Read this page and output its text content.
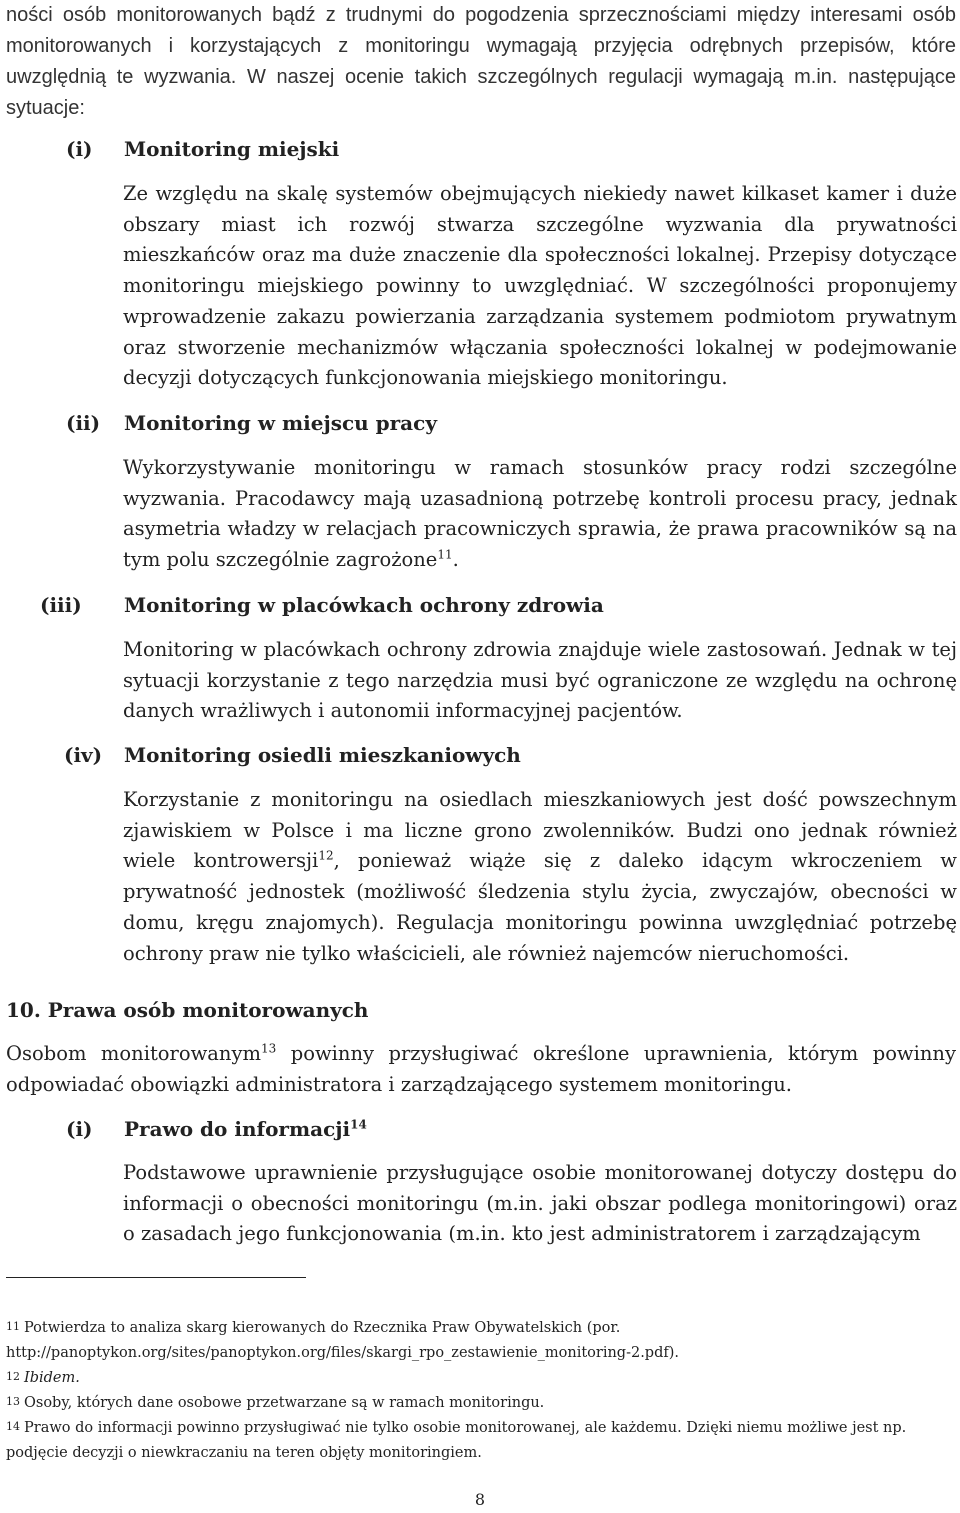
ności osób monitorowanych bądź z trudnymi do pogodzenia sprzecznościami między interesami osób monitorowanych i korzystających z monitoringu wymagają przyjęcia odrębnych przepisów, które uwzględnią te wyzwania. W naszej ocenie takich szczególnych regulacji wymagają m.in. następujące sytuacje:

(i) Monitoring miejski

Ze względu na skalę systemów obejmujących niekiedy nawet kilkaset kamer i duże obszary miast ich rozwój stwarza szczególne wyzwania dla prywatności mieszkańców oraz ma duże znaczenie dla społeczności lokalnej. Przepisy dotyczące monitoringu miejskiego powinny to uwzględniać. W szczególności proponujemy wprowadzenie zakazu powierzania zarządzania systemem podmiotom prywatnym oraz stworzenie mechanizmów włączania społeczności lokalnej w podejmowanie decyzji dotyczących funkcjonowania miejskiego monitoringu.

(ii) Monitoring w miejscu pracy

Wykorzystywanie monitoringu w ramach stosunków pracy rodzi szczególne wyzwania. Pracodawcy mają uzasadnioną potrzebę kontroli procesu pracy, jednak asymetria władzy w relacjach pracowniczych sprawia, że prawa pracowników są na tym polu szczególnie zagrożone$^{11}$.

(iii) Monitoring w placówkach ochrony zdrowia

Monitoring w placówkach ochrony zdrowia znajduje wiele zastosowań. Jednak w tej sytuacji korzystanie z tego narzędzia musi być ograniczone ze względu na ochronę danych wrażliwych i autonomii informacyjnej pacjentów.

(iv) Monitoring osiedli mieszkaniowych

Korzystanie z monitoringu na osiedlach mieszkaniowych jest dość powszechnym zjawiskiem w Polsce i ma liczne grono zwolenników. Budzi ono jednak również wiele kontrowersji$^{12}$, ponieważ wiąże się z daleko idącym wkroczeniem w prywatność jednostek (możliwość śledzenia stylu życia, zwyczajów, obecności w domu, kręgu znajomych). Regulacja monitoringu powinna uwzględniać potrzebę ochrony praw nie tylko właścicieli, ale również najemców nieruchomości.

10. Prawa osób monitorowanych

Osobom monitorowanym$^{13}$ powinny przysługiwać określone uprawnienia, którym powinny odpowiadać obowiązki administratora i zarządzającego systemem monitoringu.

(i) Prawo do informacji$^{14}$

Podstawowe uprawnienie przysługujące osobie monitorowanej dotyczy dostępu do informacji o obecności monitoringu (m.in. jaki obszar podlega monitoringowi) oraz o zasadach jego funkcjonowania (m.in. kto jest administratorem i zarządzającym

11 Potwierdza to analiza skarg kierowanych do Rzecznika Praw Obywatelskich (por.
http://panoptykon.org/sites/panoptykon.org/files/skargi_rpo_zestawienie_monitoring-2.pdf).

12 Ibidem.

13 Osoby, których dane osobowe przetwarzane są w ramach monitoringu.

14 Prawo do informacji powinno przysługiwać nie tylko osobie monitorowanej, ale każdemu. Dzięki niemu możliwe jest np. podjęcie decyzji o niewkraczaniu na teren objęty monitoringiem.

8
